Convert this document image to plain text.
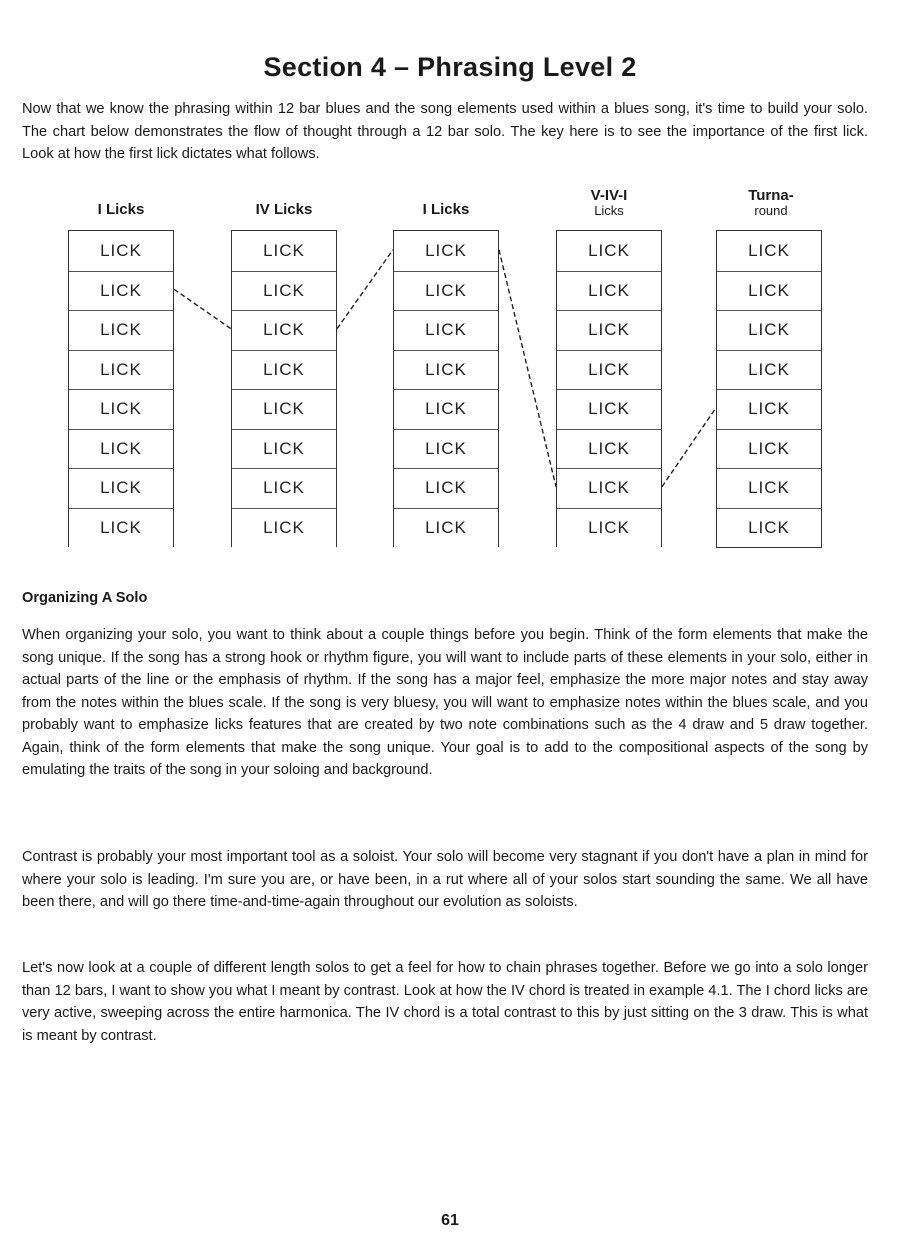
Section 4 – Phrasing Level 2

Now that we know the phrasing within 12 bar blues and the song elements used within a blues song, it's time to build your solo. The chart below demonstrates the flow of thought through a 12 bar solo. The key here is to see the importance of the first lick. Look at how the first lick dictates what follows.

I Licks	IV Licks	I Licks
V-IV-I
Licks
Turna-
round
LICK
LICK
LICK
LICK
LICK
LICK
LICK
LICK
LICK
LICK
LICK
LICK
LICK
LICK
LICK
LICK
LICK
LICK
LICK
LICK
LICK
LICK
LICK
LICK
LICK
LICK
LICK
LICK
LICK
LICK
LICK
LICK
LICK
LICK
LICK
LICK
LICK
LICK
LICK
LICK
Organizing A Solo

When organizing your solo, you want to think about a couple things before you begin. Think of the form elements that make the song unique. If the song has a strong hook or rhythm figure, you will want to include parts of these elements in your solo, either in actual parts of the line or the emphasis of rhythm. If the song has a major feel, emphasize the more major notes and stay away from the notes within the blues scale. If the song is very bluesy, you will want to emphasize notes within the blues scale, and you probably want to emphasize licks features that are created by two note combinations such as the 4 draw and 5 draw together. Again, think of the form elements that make the song unique. Your goal is to add to the compositional aspects of the song by emulating the traits of the song in your soloing and background.

Contrast is probably your most important tool as a soloist. Your solo will become very stagnant if you don't have a plan in mind for where your solo is leading. I'm sure you are, or have been, in a rut where all of your solos start sounding the same. We all have been there, and will go there time-and-time-again throughout our evolution as soloists.

Let's now look at a couple of different length solos to get a feel for how to chain phrases together. Before we go into a solo longer than 12 bars, I want to show you what I meant by contrast. Look at how the IV chord is treated in example 4.1. The I chord licks are very active, sweeping across the entire harmonica. The IV chord is a total contrast to this by just sitting on the 3 draw. This is what is meant by contrast.

61
